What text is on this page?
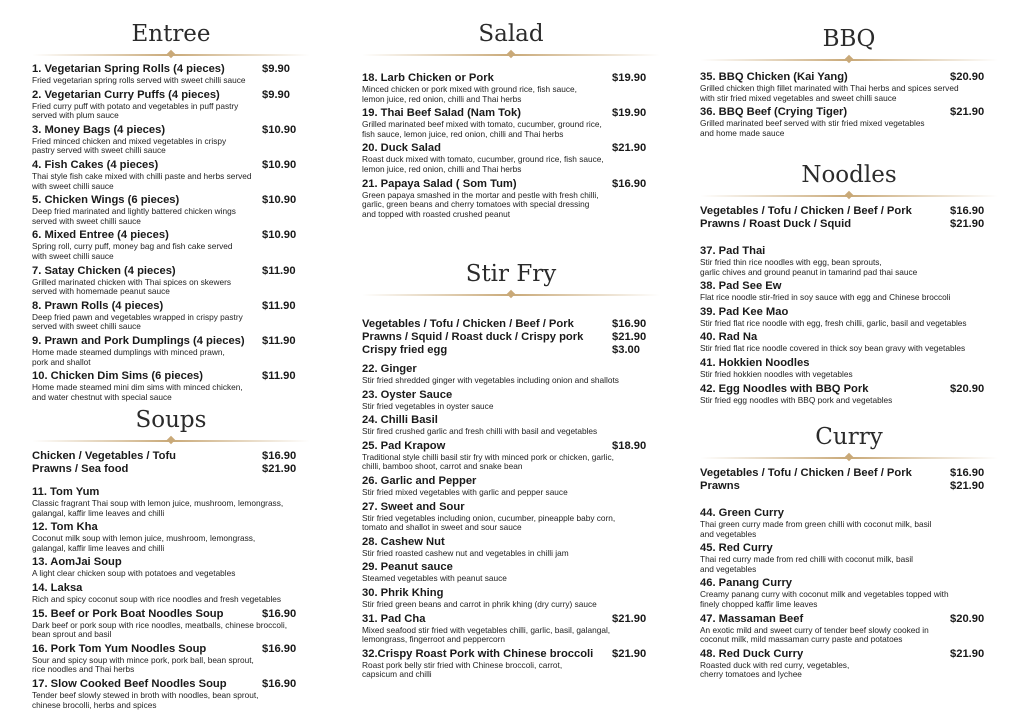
Entree
1. Vegetarian Spring Rolls (4 pieces)	$9.90
Fried vegetarian spring rolls served with sweet chilli sauce
2. Vegetarian Curry Puffs (4 pieces)	$9.90
Fried curry puff with potato and vegetables in puff pastry
served with plum sauce
3. Money Bags (4 pieces)	$10.90
Fried minced chicken and mixed vegetables in crispy
pastry served with sweet chilli sauce
4. Fish Cakes (4 pieces)	$10.90
Thai style fish cake mixed with chilli paste and herbs served
with sweet chilli sauce
5. Chicken Wings (6 pieces)	$10.90
Deep fried marinated and lightly battered chicken wings
served with sweet chilli sauce
6. Mixed Entree (4 pieces)	$10.90
Spring roll, curry puff, money bag and fish cake served
with sweet chilli sauce
7. Satay Chicken (4 pieces)	$11.90
Grilled marinated chicken with Thai spices on skewers
served with homemade peanut sauce
8. Prawn Rolls (4 pieces)	$11.90
Deep fried pawn and vegetables wrapped in crispy pastry
served with sweet chilli sauce
9. Prawn and Pork Dumplings (4 pieces)	$11.90
Home made steamed dumplings with minced prawn,
pork and shallot
10. Chicken Dim Sims (6 pieces)	$11.90
Home made steamed mini dim sims with minced chicken,
and water chestnut with special sauce
Soups
Chicken / Vegetables / Tofu	$16.90
Prawns / Sea food	$21.90
11. Tom Yum
Classic fragrant Thai soup with lemon juice, mushroom, lemongrass,
galangal, kaffir lime leaves and chilli
12. Tom Kha
Coconut milk soup with lemon juice, mushroom, lemongrass,
galangal, kaffir lime leaves and chilli
13. AomJai Soup
A light clear chicken soup with potatoes and vegetables
14. Laksa
Rich and spicy coconut soup with rice noodles and fresh vegetables
15. Beef or Pork Boat Noodles Soup	$16.90
Dark beef or pork soup with rice noodles, meatballs, chinese broccoli,
bean sprout and basil
16. Pork Tom Yum Noodles Soup	$16.90
Sour and spicy soup with mince pork, pork ball, bean sprout,
rice noodles and Thai herbs
17. Slow Cooked Beef Noodles Soup	$16.90
Tender beef slowly stewed in broth with noodles, bean sprout,
chinese brocolli, herbs and spices
Salad
18. Larb Chicken or Pork	$19.90
Minced chicken or pork mixed with ground rice, fish sauce,
lemon juice, red onion, chilli and Thai herbs
19. Thai Beef Salad (Nam Tok)	$19.90
Grilled marinated beef mixed with tomato, cucumber, ground rice,
fish sauce, lemon juice, red onion, chilli and Thai herbs
20. Duck Salad	$21.90
Roast duck mixed with tomato, cucumber, ground rice, fish sauce,
lemon juice, red onion, chilli and Thai herbs
21. Papaya Salad ( Som Tum)	$16.90
Green papaya smashed in the mortar and pestle with fresh chilli,
garlic, green beans and cherry tomatoes with special dressing
and topped with roasted crushed peanut
Stir Fry
Vegetables / Tofu / Chicken / Beef / Pork	$16.90
Prawns / Squid / Roast duck / Crispy pork	$21.90
Crispy fried egg	$3.00
22. Ginger
Stir fried shredded ginger with vegetables including onion and shallots
23. Oyster Sauce
Stir fried vegetables in oyster sauce
24. Chilli Basil
Stir fired crushed garlic and fresh chilli with basil and vegetables
25. Pad Krapow	$18.90
Traditional style chilli basil stir fry with minced pork or chicken, garlic,
chilli, bamboo shoot, carrot and snake bean
26. Garlic and Pepper
Stir fried mixed vegetables with garlic and pepper sauce
27. Sweet and Sour
Stir fried vegetables including onion, cucumber, pineapple baby corn,
tomato and shallot in sweet and sour sauce
28. Cashew Nut
Stir fried roasted cashew nut and vegetables in chilli jam
29. Peanut sauce
Steamed vegetables with peanut sauce
30. Phrik Khing
Stir fried green beans and carrot in phrik khing (dry curry) sauce
31. Pad Cha	$21.90
Mixed seafood stir fried with vegetables chilli, garlic, basil, galangal,
lemongrass, fingerroot and peppercorn
32.Crispy Roast Pork with Chinese broccoli	$21.90
Roast pork belly stir fried with Chinese broccoli, carrot,
capsicum and chilli
BBQ
35. BBQ Chicken (Kai Yang)	$20.90
Grilled chicken thigh fillet marinated with Thai herbs and spices served
with stir fried mixed vegetables and sweet chilli sauce
36. BBQ Beef (Crying Tiger)	$21.90
Grilled marinated beef served with stir fried mixed vegetables
and home made sauce
Noodles
Vegetables / Tofu / Chicken / Beef / Pork	$16.90
Prawns / Roast Duck / Squid	$21.90
37. Pad Thai
Stir fried thin rice noodles with egg, bean sprouts,
garlic chives and ground peanut in tamarind pad thai sauce
38. Pad See Ew
Flat rice noodle stir-fried in soy sauce with egg and Chinese broccoli
39. Pad Kee Mao
Stir fried flat rice noodle with egg, fresh chilli, garlic, basil and vegetables
40. Rad Na
Stir fried flat rice noodle covered in thick soy bean gravy with vegetables
41. Hokkien Noodles
Stir fried hokkien noodles with vegetables
42. Egg Noodles with BBQ Pork	$20.90
Stir fried egg noodles with BBQ pork and vegetables
Curry
Vegetables / Tofu / Chicken / Beef / Pork	$16.90
Prawns	$21.90
44. Green Curry
Thai green curry made from green chilli with coconut milk, basil
and vegetables
45. Red Curry
Thai red curry made from red chilli with coconut milk, basil
and vegetables
46. Panang Curry
Creamy panang curry with coconut milk and vegetables topped with
finely chopped kaffir lime leaves
47. Massaman Beef	$20.90
An exotic mild and sweet curry of tender beef slowly cooked in
coconut milk, mild massaman curry paste and potatoes
48. Red Duck Curry	$21.90
Roasted duck with red curry, vegetables,
cherry tomatoes and lychee
